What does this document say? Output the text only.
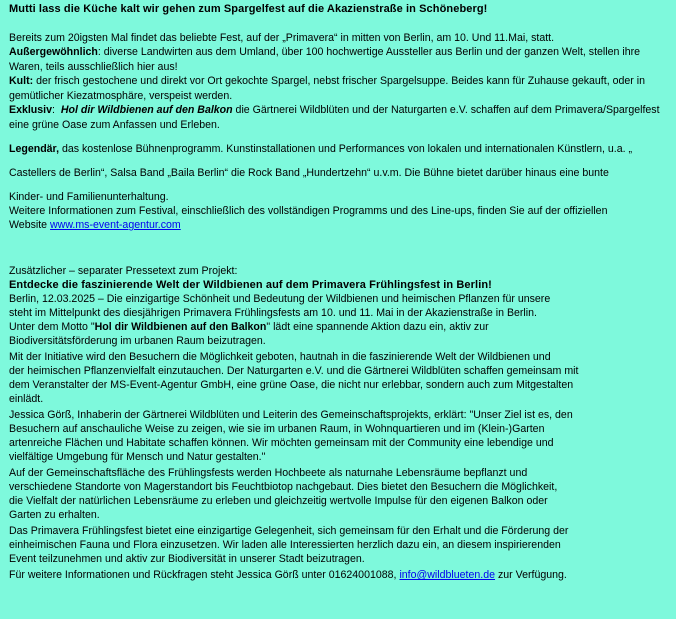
Mutti lass die Küche kalt wir gehen zum Spargelfest auf die Akazienstraße in Schöneberg!
Bereits zum 20igsten Mal findet das beliebte Fest, auf der „Primavera“ in mitten von Berlin, am 10. Und 11.Mai, statt.
Außergewöhnlich: diverse Landwirten aus dem Umland, über 100 hochwertige Aussteller aus Berlin und der ganzen Welt, stellen ihre Waren, teils ausschließlich hier aus!
Kult: der frisch gestochene und direkt vor Ort gekochte Spargel, nebst frischer Spargelsuppe. Beides kann für Zuhause gekauft, oder in gemütlicher Kiezatmosphäre, verspeist werden.
Exklusiv:  Hol dir Wildbienen auf den Balkon die Gärtnerei Wildblüten und der Naturgarten e.V. schaffen auf dem Primavera/Spargelfest eine grüne Oase zum Anfassen und Erleben.
Legendär, das kostenlose Bühnenprogramm. Kunstinstallationen und Performances von lokalen und internationalen Künstlern, u.a. „
Castellers de Berlin“, Salsa Band „Baila Berlin“ die Rock Band „Hundertzehn“ u.v.m. Die Bühne bietet darüber hinaus eine bunte
Kinder- und Familienunterhaltung.
Weitere Informationen zum Festival, einschließlich des vollständigen Programms und des Line-ups, finden Sie auf der offiziellen
Website www.ms-event-agentur.com
Zusätzlicher – separater Pressetext zum Projekt:
Entdecke die faszinierende Welt der Wildbienen auf dem Primavera Frühlingsfest in Berlin!
Berlin, 12.03.2025 – Die einzigartige Schönheit und Bedeutung der Wildbienen und heimischen Pflanzen für unsere
steht im Mittelpunkt des diesjährigen Primavera Frühlingsfests am 10. und 11. Mai in der Akazienstraße in Berlin.
Unter dem Motto "Hol dir Wildbienen auf den Balkon" lädt eine spannende Aktion dazu ein, aktiv zur
Biodiversitätsförderung im urbanen Raum beizutragen.
Mit der Initiative wird den Besuchern die Möglichkeit geboten, hautnah in die faszinierende Welt der Wildbienen und
der heimischen Pflanzenvielfalt einzutauchen. Der Naturgarten e.V. und die Gärtnerei Wildblüten schaffen gemeinsam mit
dem Veranstalter der MS-Event-Agentur GmbH, eine grüne Oase, die nicht nur erlebbar, sondern auch zum Mitgestalten
einlädt.
Jessica Görß, Inhaberin der Gärtnerei Wildblüten und Leiterin des Gemeinschaftsprojekts, erklärt: "Unser Ziel ist es, den
Besuchern auf anschauliche Weise zu zeigen, wie sie im urbanen Raum, in Wohnquartieren und im (Klein-)Garten
artenreiche Flächen und Habitate schaffen können. Wir möchten gemeinsam mit der Community eine lebendige und
vielfältige Umgebung für Mensch und Natur gestalten."
Auf der Gemeinschaftsfläche des Frühlingsfests werden Hochbeete als naturnahe Lebensräume bepflanzt und
verschiedene Standorte von Magerstandort bis Feuchtbiotop nachgebaut. Dies bietet den Besuchern die Möglichkeit,
die Vielfalt der natürlichen Lebensräume zu erleben und gleichzeitig wertvolle Impulse für den eigenen Balkon oder
Garten zu erhalten.
Das Primavera Frühlingsfest bietet eine einzigartige Gelegenheit, sich gemeinsam für den Erhalt und die Förderung der
einheimischen Fauna und Flora einzusetzen. Wir laden alle Interessierten herzlich dazu ein, an diesem inspirierenden
Event teilzunehmen und aktiv zur Biodiversität in unserer Stadt beizutragen.
Für weitere Informationen und Rückfragen steht Jessica Görß unter 01624001088, info@wildblueten.de zur Verfügung.
